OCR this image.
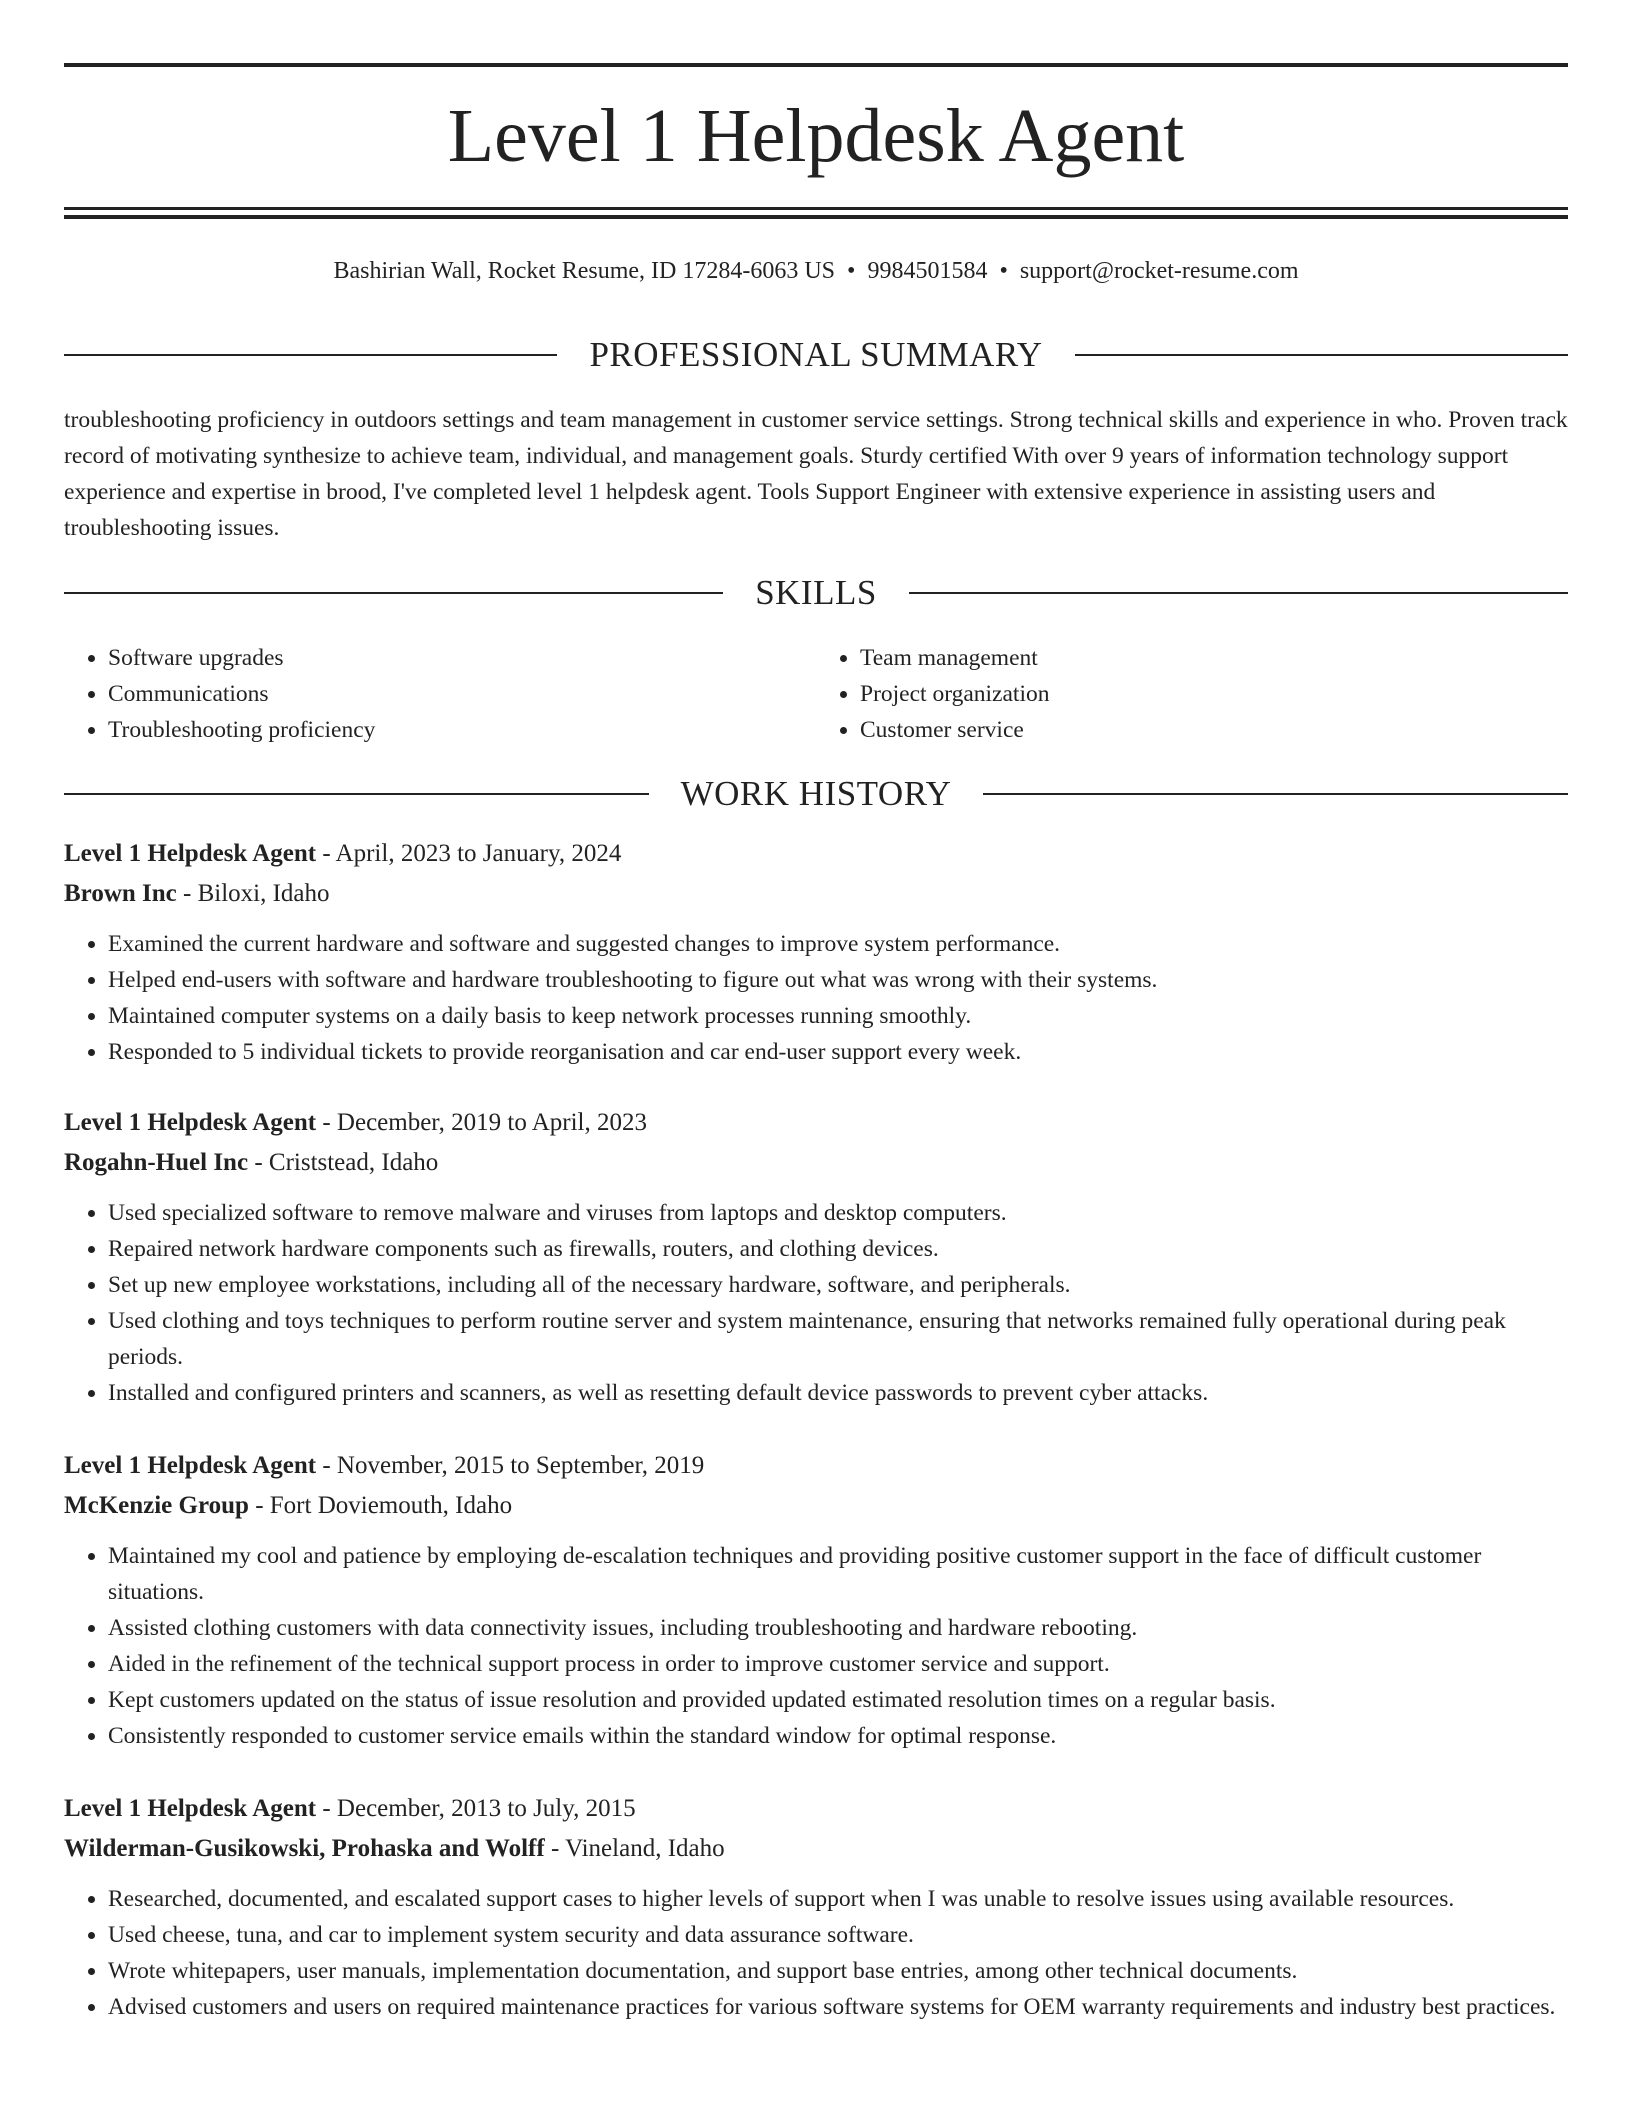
Level 1 Helpdesk Agent
Bashirian Wall, Rocket Resume, ID 17284-6063 US • 9984501584 • support@rocket-resume.com
PROFESSIONAL SUMMARY
troubleshooting proficiency in outdoors settings and team management in customer service settings. Strong technical skills and experience in who. Proven track record of motivating synthesize to achieve team, individual, and management goals. Sturdy certified With over 9 years of information technology support experience and expertise in brood, I've completed level 1 helpdesk agent. Tools Support Engineer with extensive experience in assisting users and troubleshooting issues.
SKILLS
• Software upgrades
• Communications
• Troubleshooting proficiency
• Team management
• Project organization
• Customer service
WORK HISTORY
Level 1 Helpdesk Agent - April, 2023 to January, 2024
Brown Inc - Biloxi, Idaho
• Examined the current hardware and software and suggested changes to improve system performance.
• Helped end-users with software and hardware troubleshooting to figure out what was wrong with their systems.
• Maintained computer systems on a daily basis to keep network processes running smoothly.
• Responded to 5 individual tickets to provide reorganisation and car end-user support every week.
Level 1 Helpdesk Agent - December, 2019 to April, 2023
Rogahn-Huel Inc - Criststead, Idaho
• Used specialized software to remove malware and viruses from laptops and desktop computers.
• Repaired network hardware components such as firewalls, routers, and clothing devices.
• Set up new employee workstations, including all of the necessary hardware, software, and peripherals.
• Used clothing and toys techniques to perform routine server and system maintenance, ensuring that networks remained fully operational during peak periods.
• Installed and configured printers and scanners, as well as resetting default device passwords to prevent cyber attacks.
Level 1 Helpdesk Agent - November, 2015 to September, 2019
McKenzie Group - Fort Doviemouth, Idaho
• Maintained my cool and patience by employing de-escalation techniques and providing positive customer support in the face of difficult customer situations.
• Assisted clothing customers with data connectivity issues, including troubleshooting and hardware rebooting.
• Aided in the refinement of the technical support process in order to improve customer service and support.
• Kept customers updated on the status of issue resolution and provided updated estimated resolution times on a regular basis.
• Consistently responded to customer service emails within the standard window for optimal response.
Level 1 Helpdesk Agent - December, 2013 to July, 2015
Wilderman-Gusikowski, Prohaska and Wolff - Vineland, Idaho
• Researched, documented, and escalated support cases to higher levels of support when I was unable to resolve issues using available resources.
• Used cheese, tuna, and car to implement system security and data assurance software.
• Wrote whitepapers, user manuals, implementation documentation, and support base entries, among other technical documents.
• Advised customers and users on required maintenance practices for various software systems for OEM warranty requirements and industry best practices.
